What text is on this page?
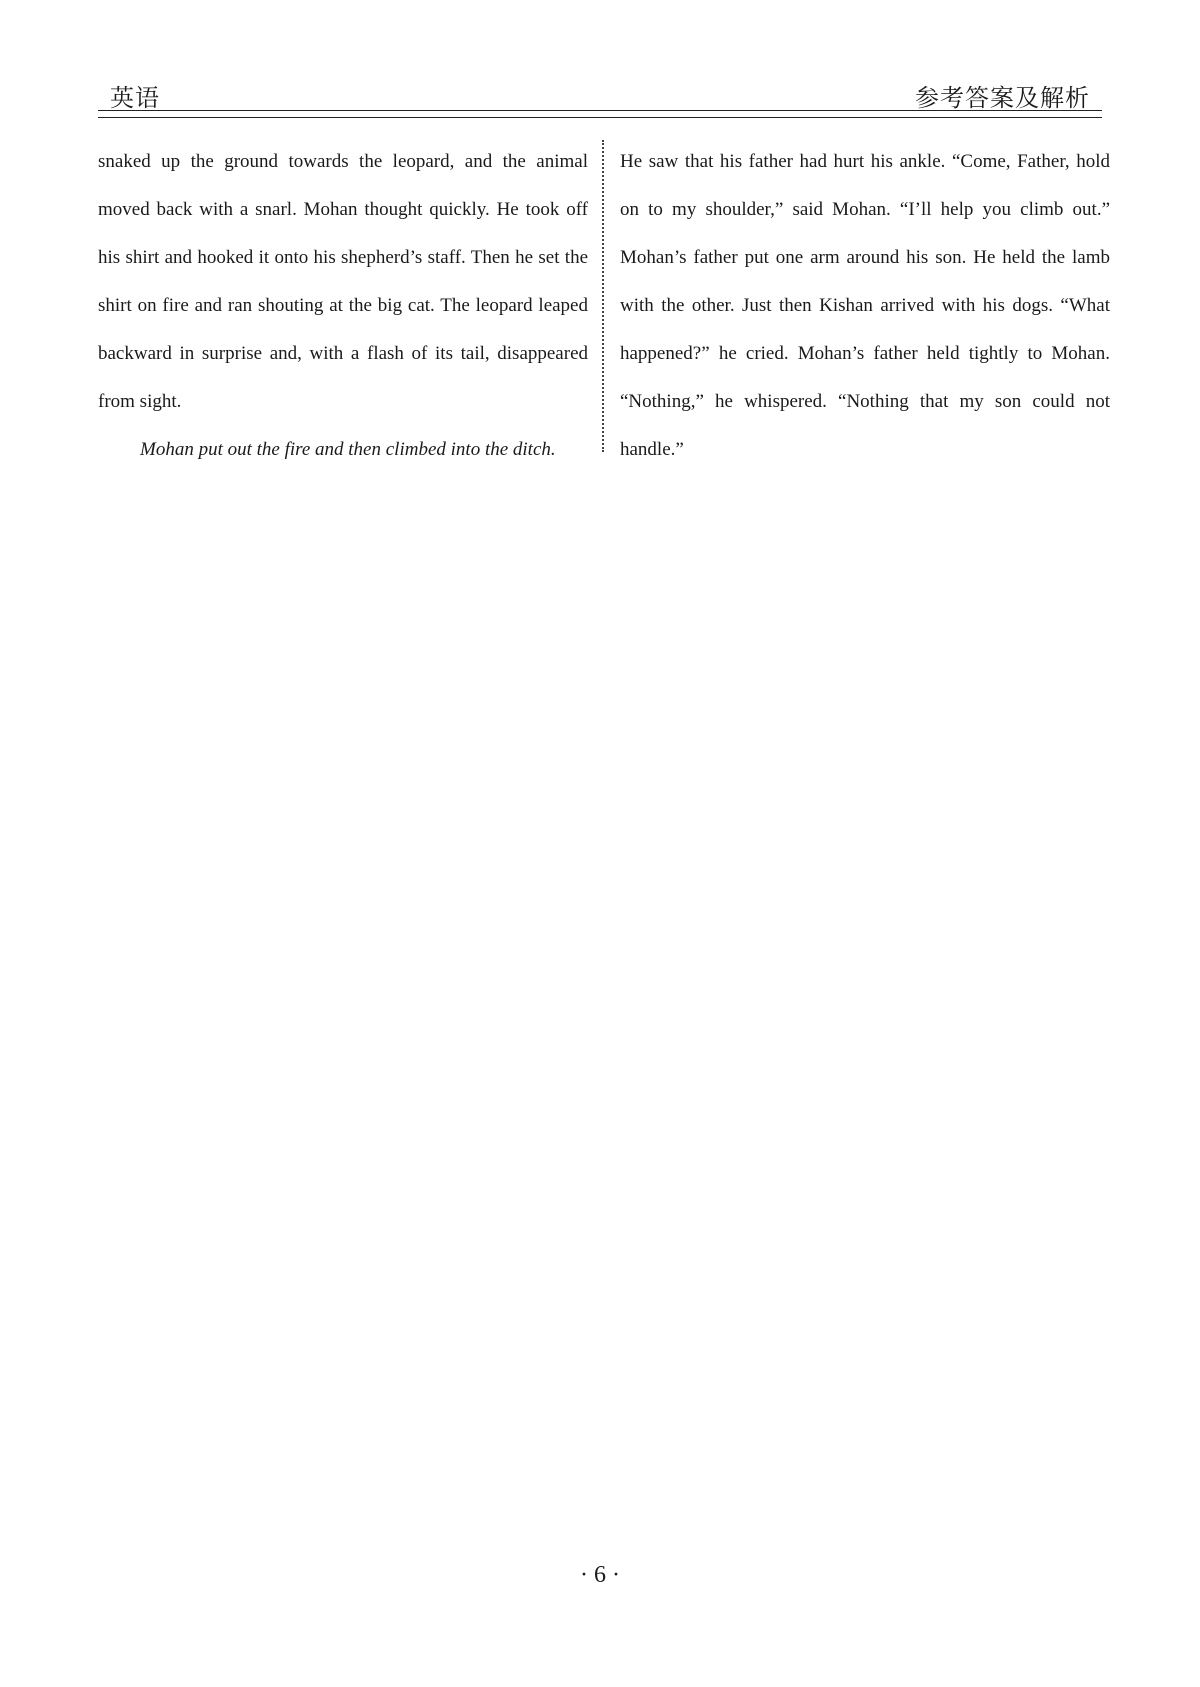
英语	参考答案及解析

snaked up the ground towards the leopard, and the animal moved back with a snarl. Mohan thought quickly. He took off his shirt and hooked it onto his shepherd’s staff. Then he set the shirt on fire and ran shouting at the big cat. The leopard leaped backward in surprise and, with a flash of its tail, disappeared from sight.

Mohan put out the fire and then climbed into the ditch.

He saw that his father had hurt his ankle. “Come, Father, hold on to my shoulder,” said Mohan. “I’ll help you climb out.” Mohan’s father put one arm around his son. He held the lamb with the other. Just then Kishan arrived with his dogs. “What happened?” he cried. Mohan’s father held tightly to Mohan. “Nothing,” he whispered. “Nothing that my son could not handle.”

· 6 ·
